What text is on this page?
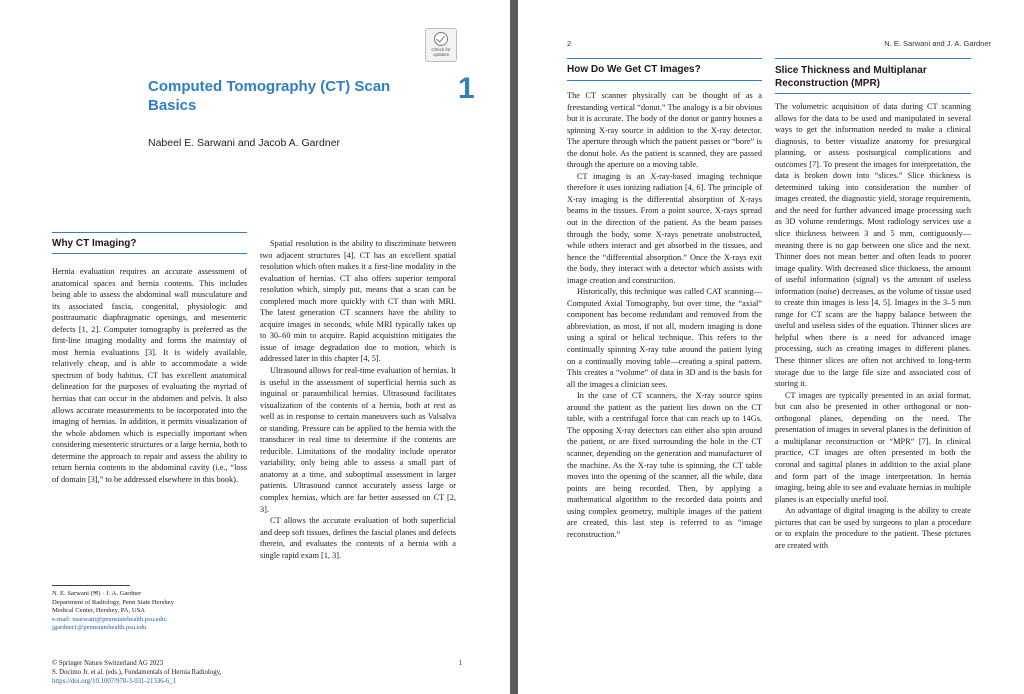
Check for
updates
Computed Tomography (CT) Scan Basics
1
Nabeel E. Sarwani and Jacob A. Gardner
Why CT Imaging?

Hernia evaluation requires an accurate assessment of anatomical spaces and hernia contents. This includes being able to assess the abdominal wall musculature and its associated fascia, congenital, physiologic and posttraumatic diaphragmatic openings, and mesenteric defects [1, 2]. Computer tomography is preferred as the first-line imaging modality and forms the mainstay of most hernia evaluations [3]. It is widely available, relatively cheap, and is able to accommodate a wide spectrum of body habitus. CT has excellent anatomical delineation for the purposes of evaluating the myriad of hernias that can occur in the abdomen and pelvis. It also allows accurate measurements to be incorporated into the imaging of hernias. In addition, it permits visualization of the whole abdomen which is especially important when considering mesenteric structures or a large hernia, both to determine the approach to repair and assess the ability to return hernia contents to the abdominal cavity (i.e., “loss of domain [3],” to be addressed elsewhere in this book).

Spatial resolution is the ability to discriminate between two adjacent structures [4]. CT has an excellent spatial resolution which often makes it a first-line modality in the evaluation of hernias. CT also offers superior temporal resolution which, simply put, means that a scan can be completed much more quickly with CT than with MRI. The latest generation CT scanners have the ability to acquire images in seconds, while MRI typically takes up to 30–60 min to acquire. Rapid acquisition mitigates the issue of image degradation due to motion, which is addressed later in this chapter [4, 5].

Ultrasound allows for real-time evaluation of hernias. It is useful in the assessment of superficial hernia such as inguinal or paraumbilical hernias. Ultrasound facilitates visualization of the contents of a hernia, both at rest as well as in response to certain maneuvers such as Valsalva or standing. Pressure can be applied to the hernia with the transducer in real time to determine if the contents are reducible. Limitations of the modality include operator variability, only being able to assess a small part of anatomy at a time, and suboptimal assessment in larger patients. Ultrasound cannot accurately assess large or complex hernias, which are far better assessed on CT [2, 3].

CT allows the accurate evaluation of both superficial and deep soft tissues, defines the fascial planes and defects therein, and evaluates the contents of a hernia with a single rapid exam [1, 3].

N. E. Sarwani (✉) · J. A. Gardner
Department of Radiology, Penn State Hershey
Medical Center, Hershey, PA, USA
e-mail: nsarwani@pennstatehealth.psu.edu;
jgardner1@pennstatehealth.psu.edu
© Springer Nature Switzerland AG 2023
S. Docimo Jr. et al. (eds.), Fundamentals of Hernia Radiology,
https://doi.org/10.1007/978-3-031-21336-6_1
1
2	N. E. Sarwani and J. A. Gardner
How Do We Get CT Images?

The CT scanner physically can be thought of as a freestanding vertical “donut.” The analogy is a bit obvious but it is accurate. The body of the donut or gantry houses a spinning X-ray source in addition to the X-ray detector. The aperture through which the patient passes or “bore” is the donut hole. As the patient is scanned, they are passed through the aperture on a moving table.

CT imaging is an X-ray-based imaging technique therefore it uses ionizing radiation [4, 6]. The principle of X-ray imaging is the differential absorption of X-rays beams in the tissues. From a point source, X-rays spread out in the direction of the patient. As the beam passes through the body, some X-rays penetrate unobstructed, while others interact and get absorbed in the tissues, and hence the “differential absorption.” Once the X-rays exit the body, they interact with a detector which assists with image creation and construction.

Historically, this technique was called CAT scanning—Computed Axial Tomography, but over time, the “axial” component has become redundant and removed from the abbreviation, as most, if not all, modern imaging is done using a spiral or helical technique. This refers to the continually spinning X-ray tube around the patient lying on a continually moving table—creating a spiral pattern. This creates a “volume” of data in 3D and is the basis for all the images a clinician sees.

In the case of CT scanners, the X-ray source spins around the patient as the patient lies down on the CT table, with a centrifugal force that can reach up to 14Gs. The opposing X-ray detectors can either also spin around the patient, or are fixed surrounding the hole in the CT scanner, depending on the generation and manufacturer of the machine. As the X-ray tube is spinning, the CT table moves into the opening of the scanner, all the while, data points are being recorded. Then, by applying a mathematical algorithm to the recorded data points and using complex geometry, multiple images of the patient are created, this last step is referred to as “image reconstruction.”

Slice Thickness and Multiplanar Reconstruction (MPR)

The volumetric acquisition of data during CT scanning allows for the data to be used and manipulated in several ways to get the information needed to make a clinical diagnosis, to better visualize anatomy for presurgical planning, or assess postsurgical complications and outcomes [7]. To present the images for interpretation, the data is broken down into “slices.” Slice thickness is determined taking into consideration the number of images created, the diagnostic yield, storage requirements, and the need for further advanced image processing such as 3D volume renderings. Most radiology services use a slice thickness between 3 and 5 mm, contiguously—meaning there is no gap between one slice and the next. Thinner does not mean better and often leads to poorer image quality. With decreased slice thickness, the amount of useful information (signal) vs the amount of useless information (noise) decreases, as the volume of tissue used to create thin images is less [4, 5]. Images in the 3–5 mm range for CT scans are the happy balance between the useful and useless sides of the equation. Thinner slices are helpful when there is a need for advanced image processing, such as creating images in different planes. These thinner slices are often not archived to long-term storage due to the large file size and associated cost of storing it.

CT images are typically presented in an axial format, but can also be presented in other orthogonal or non-orthogonal planes, depending on the need. The presentation of images in several planes is the definition of a multiplanar reconstruction or “MPR” [7]. In clinical practice, CT images are often presented in both the coronal and sagittal planes in addition to the axial plane and form part of the image interpretation. In hernia imaging, being able to see and evaluate hernias in multiple planes is an especially useful tool.

An advantage of digital imaging is the ability to create pictures that can be used by surgeons to plan a procedure or to explain the procedure to the patient. These pictures are created with
